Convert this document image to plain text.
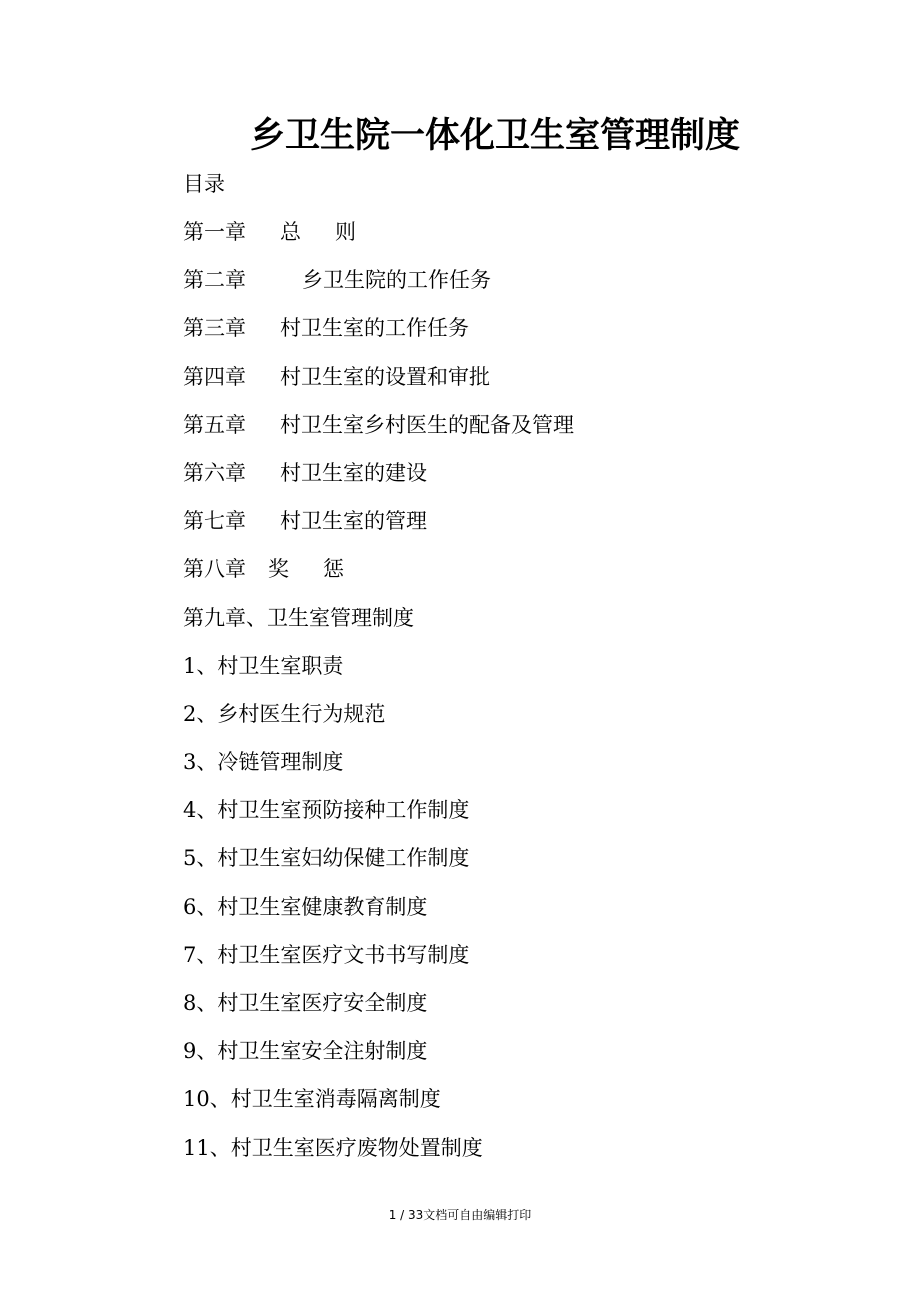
乡卫生院一体化卫生室管理制度
目录
第一章 总 则
第二章	乡卫生院的工作任务
第三章 村卫生室的工作任务
第四章 村卫生室的设置和审批
第五章 村卫生室乡村医生的配备及管理
第六章 村卫生室的建设
第七章 村卫生室的管理
第八章 奖 惩
第九章、卫生室管理制度
1、村卫生室职责
2、乡村医生行为规范
3、冷链管理制度
4、村卫生室预防接种工作制度
5、村卫生室妇幼保健工作制度
6、村卫生室健康教育制度
7、村卫生室医疗文书书写制度
8、村卫生室医疗安全制度
9、村卫生室安全注射制度
10、村卫生室消毒隔离制度
11、村卫生室医疗废物处置制度
1 / 33文档可自由编辑打印
